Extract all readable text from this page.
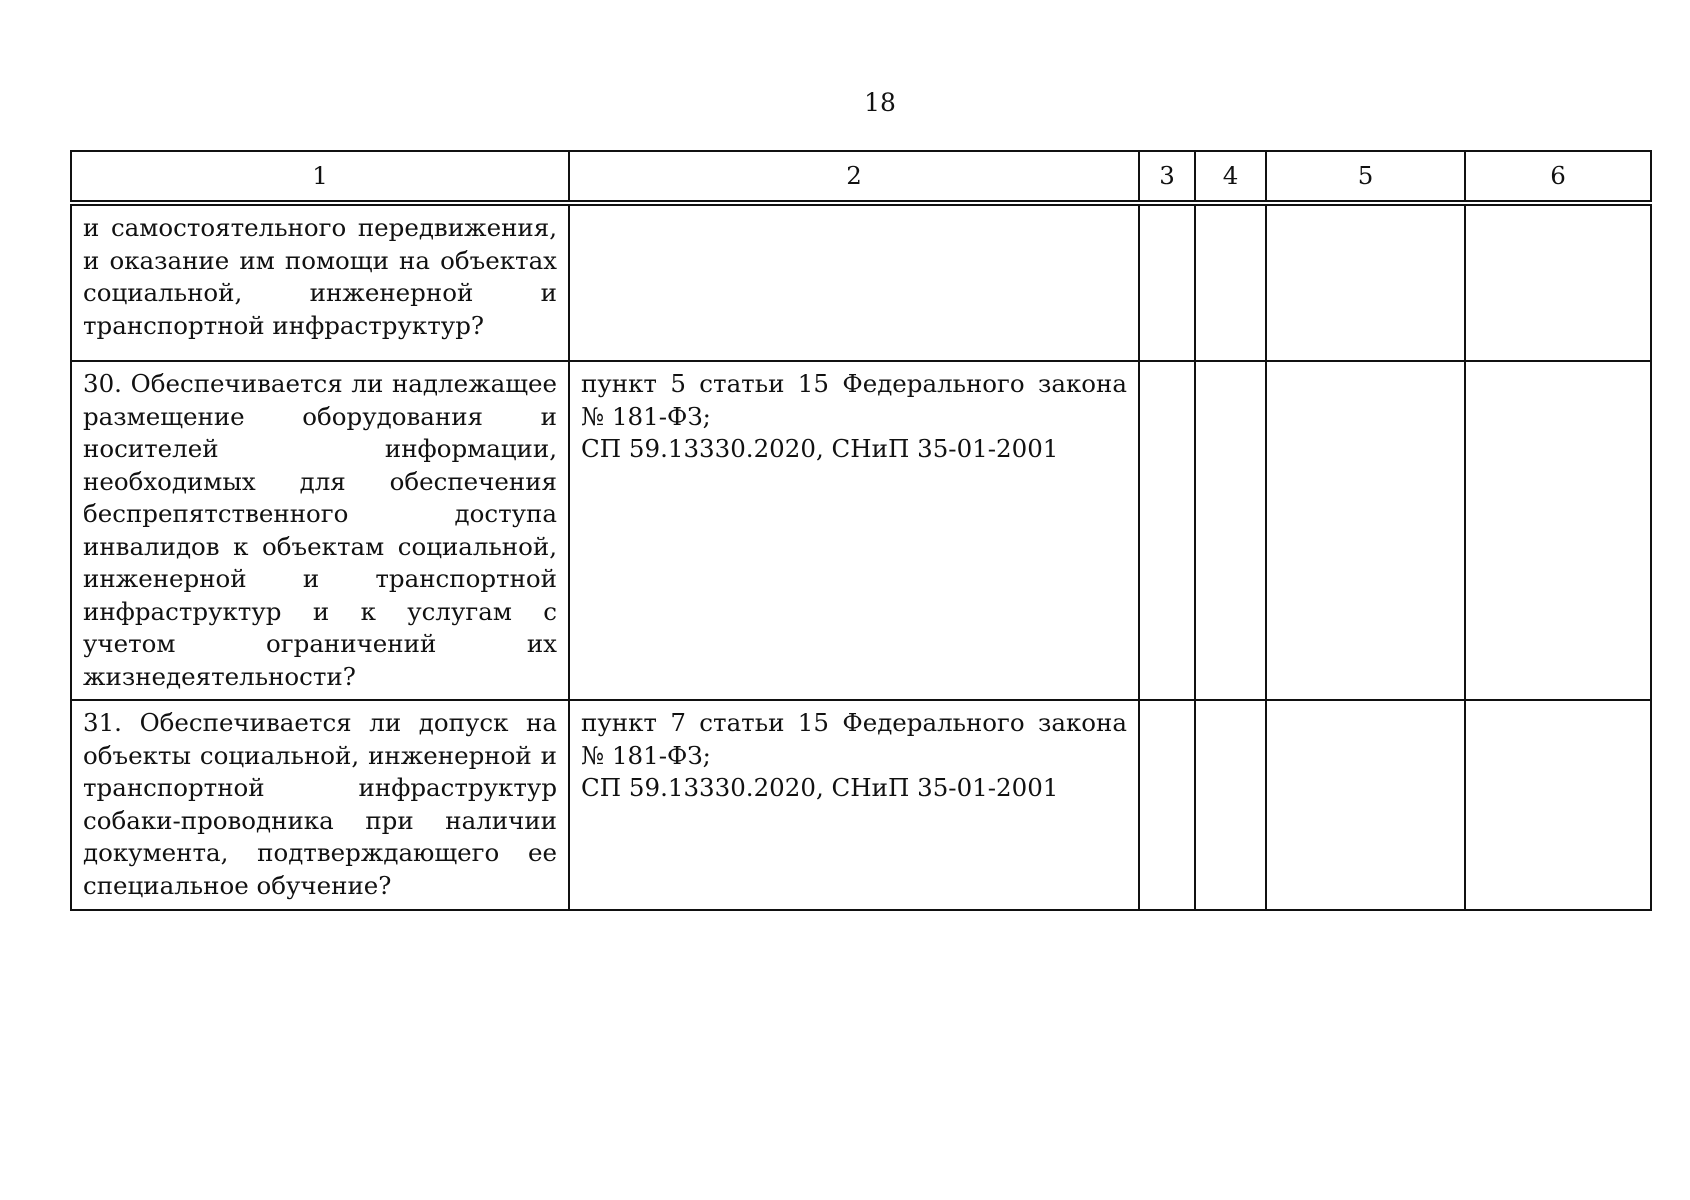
18
1	2	3	4	5	6
и самостоятельного передвижения, и оказание им помощи на объектах социальной, инженерной и транспортной инфраструктур?					
30. Обеспечивается ли надлежащее размещение оборудования и носителей информации, необходимых для обеспечения беспрепятственного доступа инвалидов к объектам социальной, инженерной и транспортной инфраструктур и к услугам с учетом ограничений их жизнедеятельности?	пункт 5 статьи 15 Федерального закона № 181-ФЗ;
СП 59.13330.2020, СНиП 35-01-2001				
31. Обеспечивается ли допуск на объекты социальной, инженерной и транспортной инфраструктур собаки-проводника при наличии документа, подтверждающего ее специальное обучение?	пункт 7 статьи 15 Федерального закона № 181-ФЗ;
СП 59.13330.2020, СНиП 35-01-2001				
